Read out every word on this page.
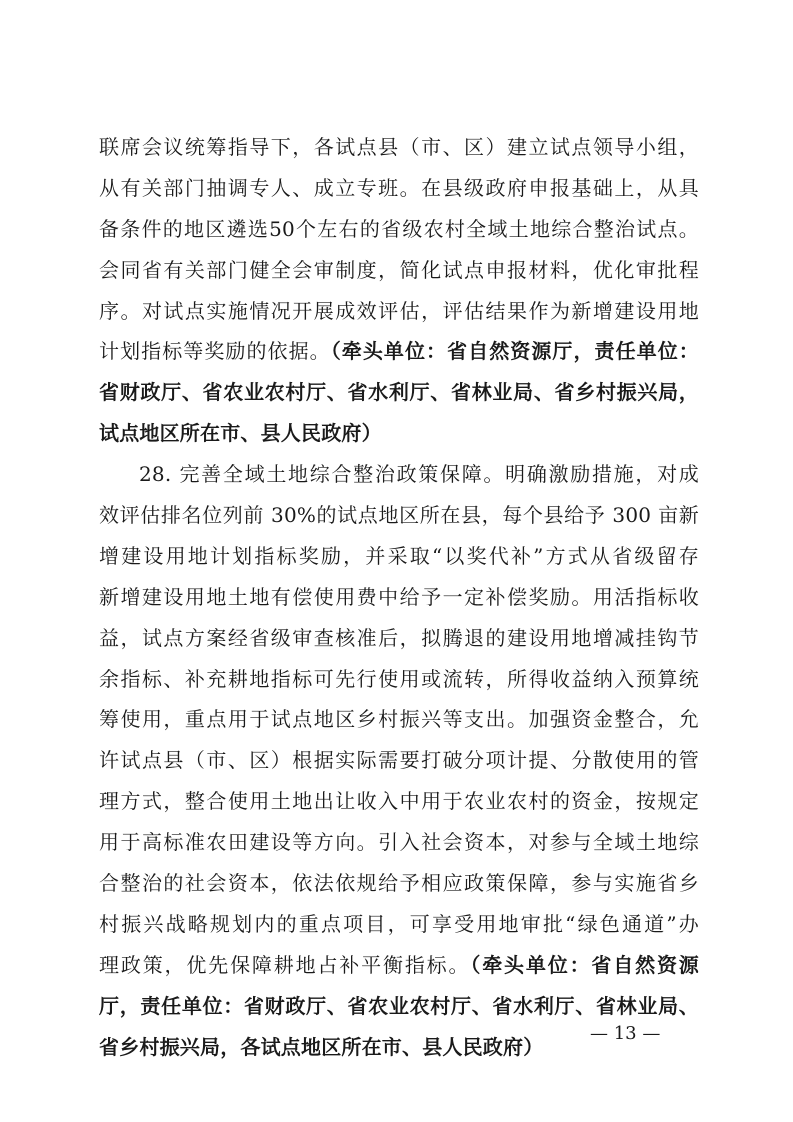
联席会议统筹指导下，各试点县（市、区）建立试点领导小组，
从有关部门抽调专人、成立专班。在县级政府申报基础上，从具
备条件的地区遴选50个左右的省级农村全域土地综合整治试点。
会同省有关部门健全会审制度，简化试点申报材料，优化审批程
序。对试点实施情况开展成效评估，评估结果作为新增建设用地
计划指标等奖励的依据。（牵头单位：省自然资源厅，责任单位：
省财政厅、省农业农村厅、省水利厅、省林业局、省乡村振兴局，
试点地区所在市、县人民政府）
28. 完善全域土地综合整治政策保障。明确激励措施，对成
效评估排名位列前 30%的试点地区所在县，每个县给予 300 亩新
增建设用地计划指标奖励，并采取“以奖代补”方式从省级留存
新增建设用地土地有偿使用费中给予一定补偿奖励。用活指标收
益，试点方案经省级审查核准后，拟腾退的建设用地增减挂钩节
余指标、补充耕地指标可先行使用或流转，所得收益纳入预算统
筹使用，重点用于试点地区乡村振兴等支出。加强资金整合，允
许试点县（市、区）根据实际需要打破分项计提、分散使用的管
理方式，整合使用土地出让收入中用于农业农村的资金，按规定
用于高标准农田建设等方向。引入社会资本，对参与全域土地综
合整治的社会资本，依法依规给予相应政策保障，参与实施省乡
村振兴战略规划内的重点项目，可享受用地审批“绿色通道”办
理政策，优先保障耕地占补平衡指标。（牵头单位：省自然资源
厅，责任单位：省财政厅、省农业农村厅、省水利厅、省林业局、
省乡村振兴局，各试点地区所在市、县人民政府）
— 13 —
